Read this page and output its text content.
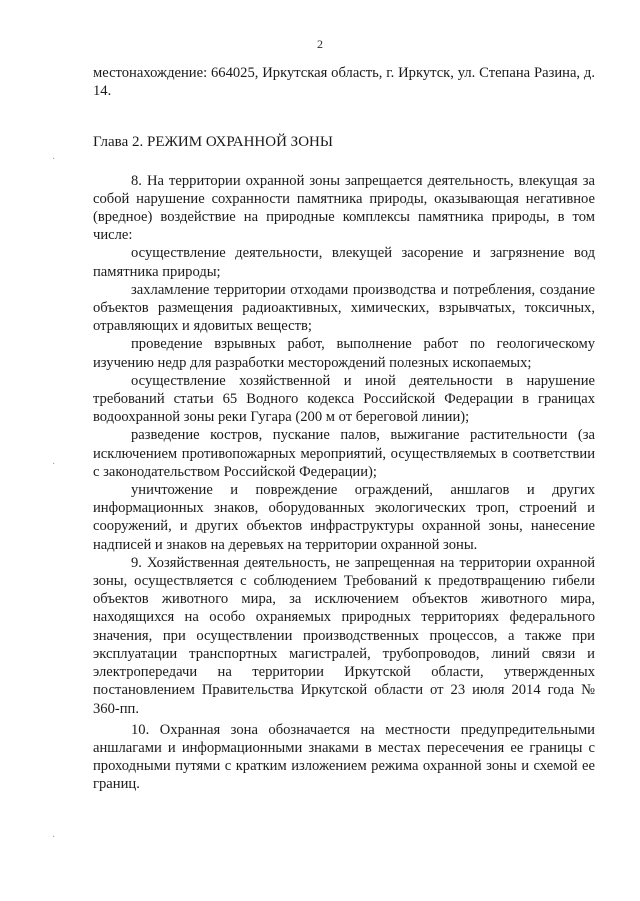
2
·
·
·

местонахождение: 664025, Иркутская область, г. Иркутск, ул. Степана Разина, д. 14.

Глава 2. РЕЖИМ ОХРАННОЙ ЗОНЫ

8. На территории охранной зоны запрещается деятельность, влекущая за собой нарушение сохранности памятника природы, оказывающая негативное (вредное) воздействие на природные комплексы памятника природы, в том числе:

осуществление деятельности, влекущей засорение и загрязнение вод памятника природы;

захламление территории отходами производства и потребления, создание объектов размещения радиоактивных, химических, взрывчатых, токсичных, отравляющих и ядовитых веществ;

проведение взрывных работ, выполнение работ по геологическому изучению недр для разработки месторождений полезных ископаемых;

осуществление хозяйственной и иной деятельности в нарушение требований статьи 65 Водного кодекса Российской Федерации в границах водоохранной зоны реки Гугара (200 м от береговой линии);

разведение костров, пускание палов, выжигание растительности (за исключением противопожарных мероприятий, осуществляемых в соответствии с законодательством Российской Федерации);

уничтожение и повреждение ограждений, аншлагов и других информационных знаков, оборудованных экологических троп, строений и сооружений, и других объектов инфраструктуры охранной зоны, нанесение надписей и знаков на деревьях на территории охранной зоны.

9. Хозяйственная деятельность, не запрещенная на территории охранной зоны, осуществляется с соблюдением Требований к предотвращению гибели объектов животного мира, за исключением объектов животного мира, находящихся на особо охраняемых природных территориях федерального значения, при осуществлении производственных процессов, а также при эксплуатации транспортных магистралей, трубопроводов, линий связи и электропередачи на территории Иркутской области, утвержденных постановлением Правительства Иркутской области от 23 июля 2014 года № 360-пп.

10. Охранная зона обозначается на местности предупредительными аншлагами и информационными знаками в местах пересечения ее границы с проходными путями с кратким изложением режима охранной зоны и схемой ее границ.
